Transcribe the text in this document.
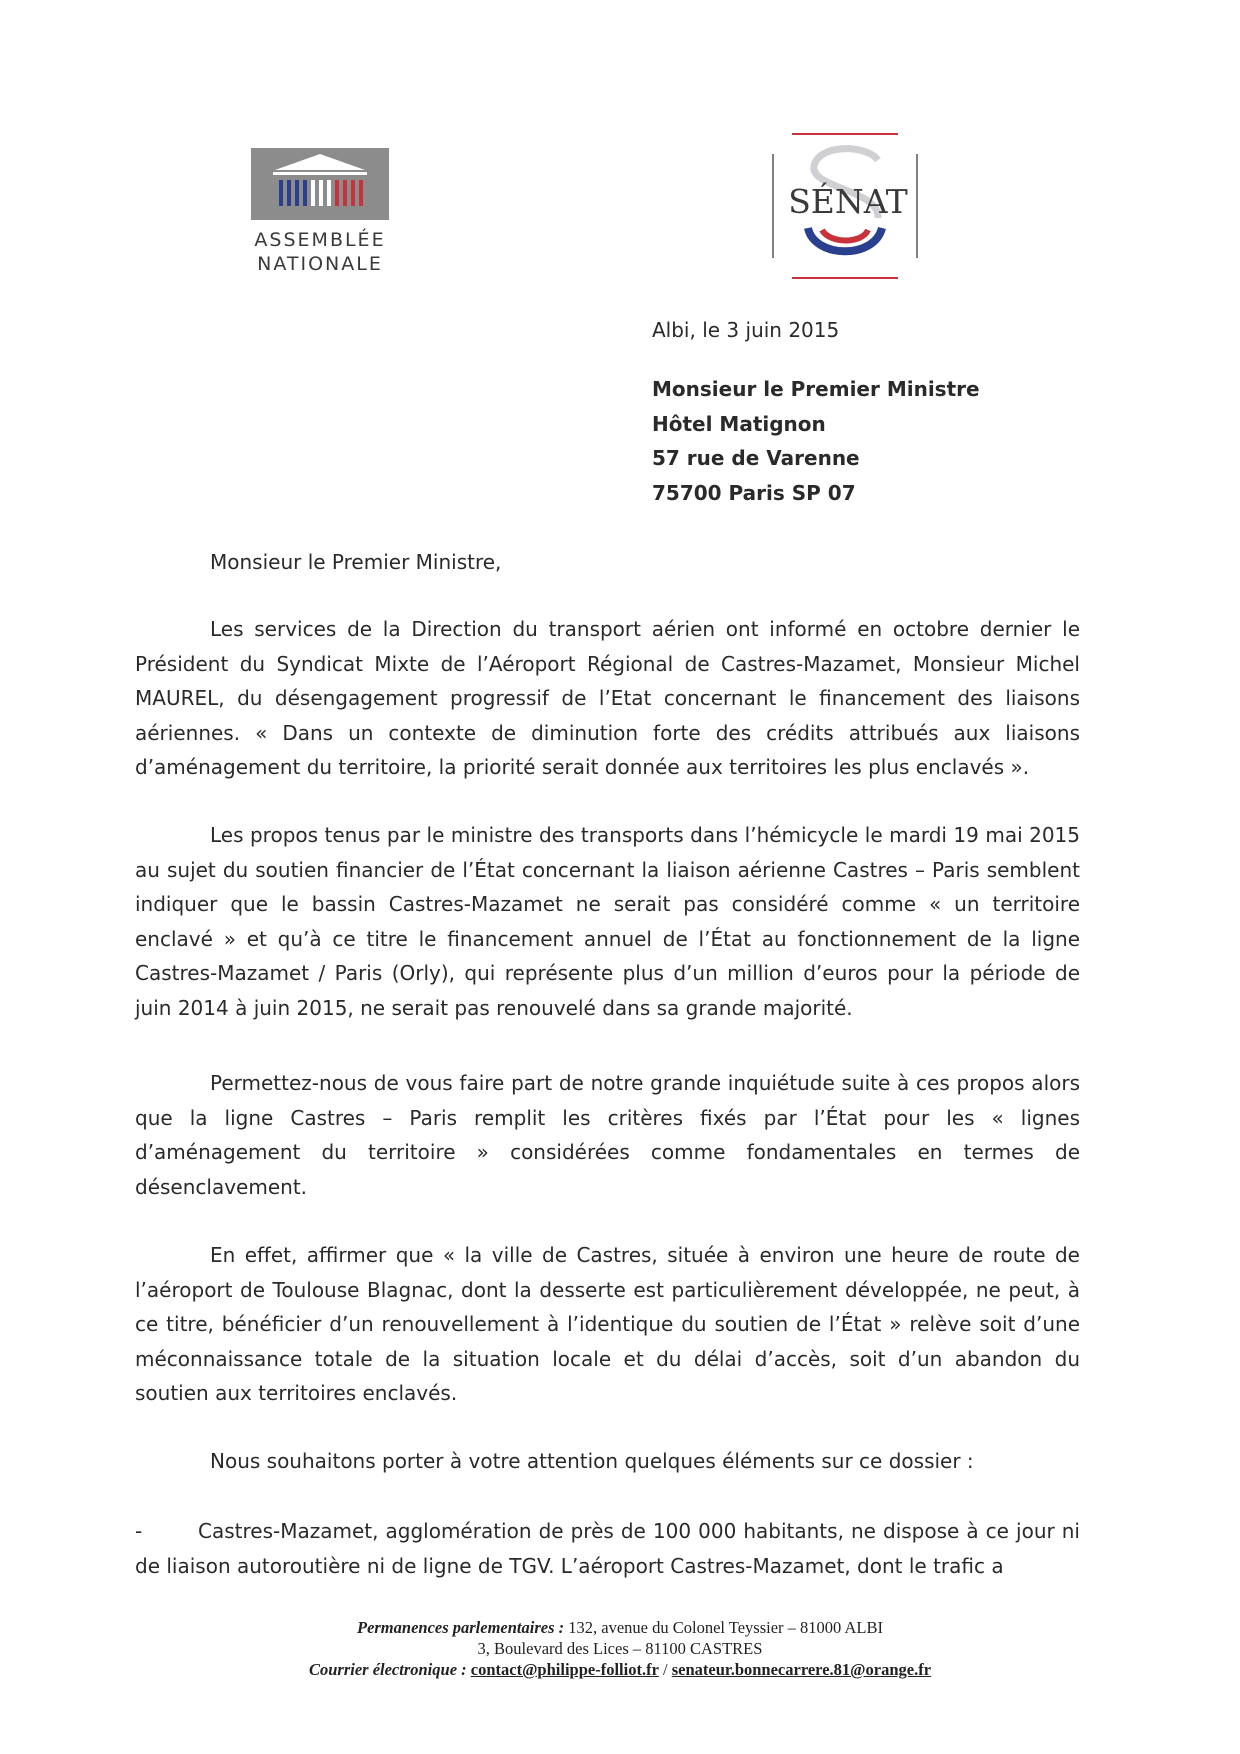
ASSEMBLÉE
NATIONALE
SÉNAT
Albi, le 3 juin 2015
Monsieur le Premier Ministre
Hôtel Matignon
57 rue de Varenne
75700 Paris SP 07
Monsieur le Premier Ministre,

Les services de la Direction du transport aérien ont informé en octobre dernier le Président du Syndicat Mixte de l’Aéroport Régional de Castres-Mazamet, Monsieur Michel MAUREL, du désengagement progressif de l’Etat concernant le financement des liaisons aériennes. « Dans un contexte de diminution forte des crédits attribués aux liaisons d’aménagement du territoire, la priorité serait donnée aux territoires les plus enclavés ».

Les propos tenus par le ministre des transports dans l’hémicycle le mardi 19 mai 2015 au sujet du soutien financier de l’État concernant la liaison aérienne Castres – Paris semblent indiquer que le bassin Castres-Mazamet ne serait pas considéré comme « un territoire enclavé » et qu’à ce titre le financement annuel de l’État au fonctionnement de la ligne Castres-Mazamet / Paris (Orly), qui représente plus d’un million d’euros pour la période de juin 2014 à juin 2015, ne serait pas renouvelé dans sa grande majorité.

Permettez-nous de vous faire part de notre grande inquiétude suite à ces propos alors que la ligne Castres – Paris remplit les critères fixés par l’État pour les « lignes d’aménagement du territoire » considérées comme fondamentales en termes de désenclavement.

En effet, affirmer que « la ville de Castres, située à environ une heure de route de l’aéroport de Toulouse Blagnac, dont la desserte est particulièrement développée, ne peut, à ce titre, bénéficier d’un renouvellement à l’identique du soutien de l’État » relève soit d’une méconnaissance totale de la situation locale et du délai d’accès, soit d’un abandon du soutien aux territoires enclavés.

Nous souhaitons porter à votre attention quelques éléments sur ce dossier :

-	Castres-Mazamet, agglomération de près de 100 000 habitants, ne dispose à ce jour ni de liaison autoroutière ni de ligne de TGV. L’aéroport Castres-Mazamet, dont le trafic a

Permanences parlementaires : 132, avenue du Colonel Teyssier – 81000 ALBI
3, Boulevard des Lices – 81100 CASTRES
Courrier électronique : contact@philippe-folliot.fr / senateur.bonnecarrere.81@orange.fr
